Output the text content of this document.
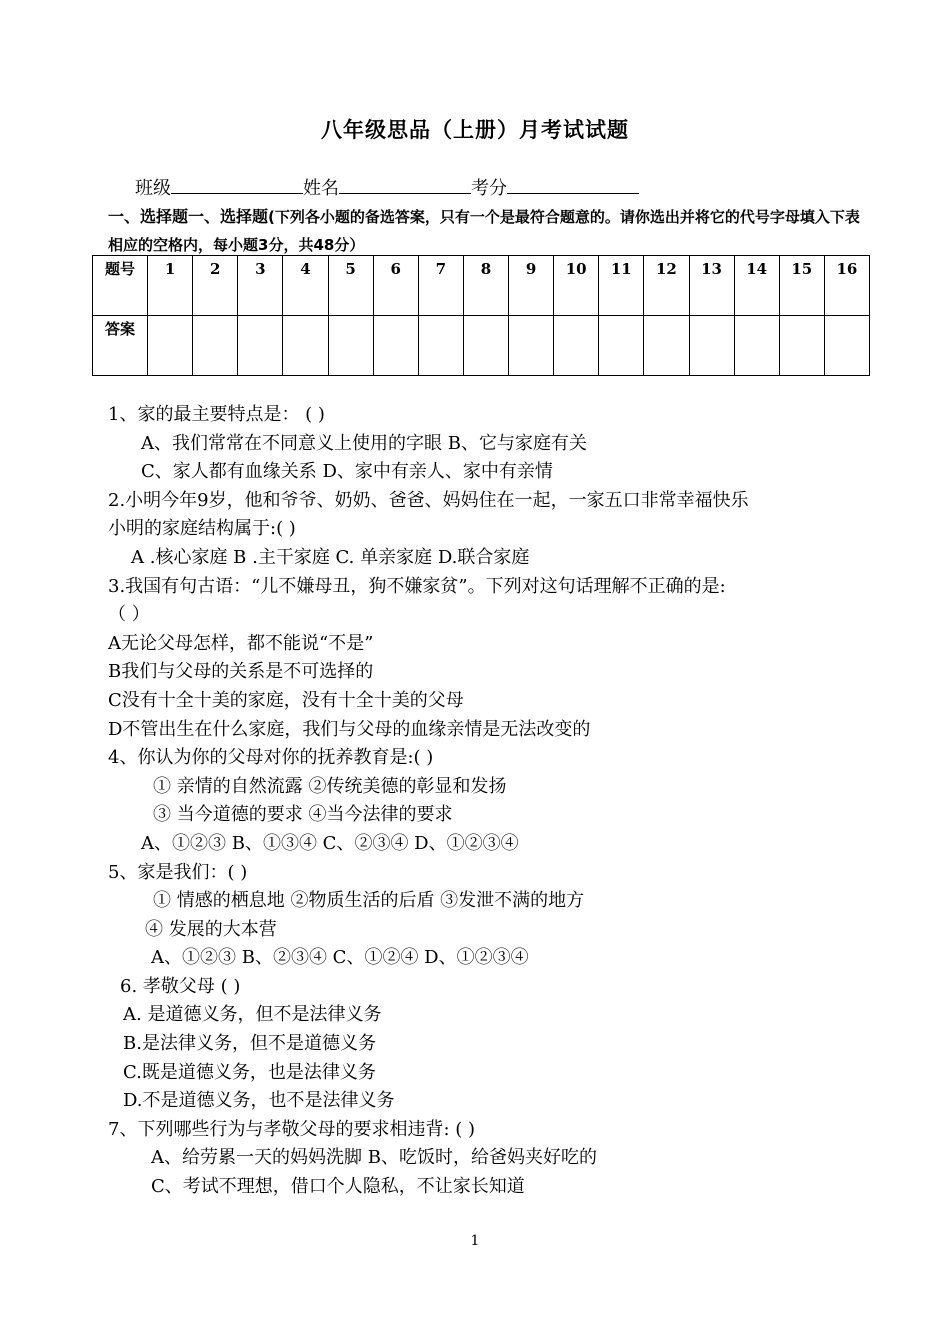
八年级思品（上册）月考试试题
班级	姓名	考分
一、选择题一、选择题(下列各小题的备选答案，只有一个是最符合题意的。请你选出并将它的代号字母填入下表相应的空格内，每小题3分，共48分）
题号	1	2	3	4	5	6	7	8	9	10	11	12	13	14	15	16
答案																
1、家的最主要特点是： ( )
A、我们常常在不同意义上使用的字眼 B、它与家庭有关
C、家人都有血缘关系 D、家中有亲人、家中有亲情
2.小明今年9岁，他和爷爷、奶奶、爸爸、妈妈住在一起，一家五口非常幸福快乐
小明的家庭结构属于:( )
A .核心家庭 B .主干家庭 C. 单亲家庭 D.联合家庭
3.我国有句古语：“儿不嫌母丑，狗不嫌家贫”。下列对这句话理解不正确的是:
（ ）
A无论父母怎样，都不能说“不是”
B我们与父母的关系是不可选择的
C没有十全十美的家庭，没有十全十美的父母
D不管出生在什么家庭，我们与父母的血缘亲情是无法改变的
4、你认为你的父母对你的抚养教育是:( )
① 亲情的自然流露 ②传统美德的彰显和发扬
③ 当今道德的要求 ④当今法律的要求
A、①②③ B、①③④ C、②③④ D、①②③④
5、家是我们：( )
① 情感的栖息地 ②物质生活的后盾 ③发泄不满的地方
④ 发展的大本营
A、①②③ B、②③④ C、①②④ D、①②③④
6. 孝敬父母 ( )
A. 是道德义务，但不是法律义务
B.是法律义务，但不是道德义务
C.既是道德义务，也是法律义务
D.不是道德义务，也不是法律义务
7、下列哪些行为与孝敬父母的要求相违背: ( )
A、给劳累一天的妈妈洗脚 B、吃饭时，给爸妈夹好吃的
C、考试不理想，借口个人隐私，不让家长知道
1
